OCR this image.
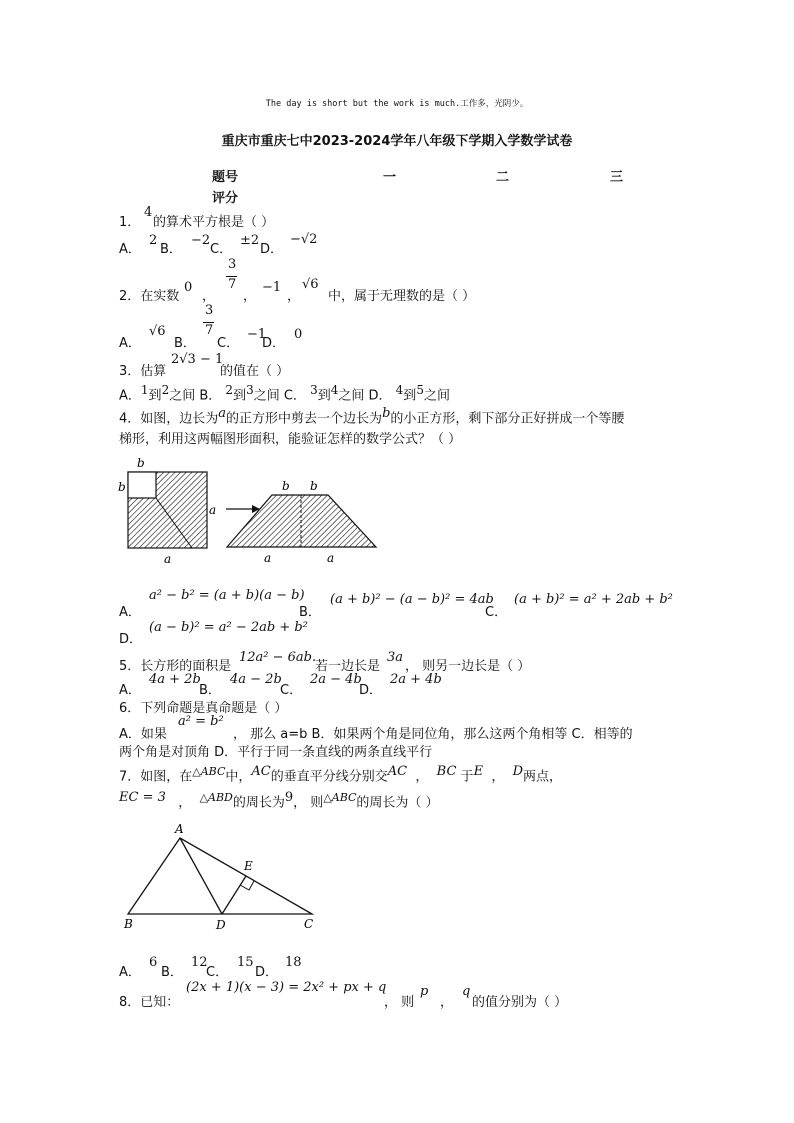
The day is short but the work is much.工作多，光阴少。
重庆市重庆七中2023-2024学年八年级下学期入学数学试卷
题号	一	二	三
评分
1．
4
的算术平方根是（ ）
A．
2
B．
−2
C．
±2
D．
−√2
2．在实数
0
，
3
7
，
−1
，
√6
中，属于无理数的是（ ）
A．
√6
B．
3
7
C．
−1
D．
0
3．估算
2√3 − 1
的值在（ ）
A．$^1$到$^2$之间 B． $^2$到$^3$之间 C． $^3$到$^4$之间 D． $^4$到$^5$之间
4．如图，边长为$^a$的正方形中剪去一个边长为$^b$的小正方形，剩下部分正好拼成一个等腰
梯形，利用这两幅图形面积，能验证怎样的数学公式？（ ）
b
b
a
a
b b
a	a
A．
a² − b² = (a + b)(a − b)
B．
(a + b)² − (a − b)² = 4ab
C．
(a + b)² = a² + 2ab + b²
D．
(a − b)² = a² − 2ab + b²
5．长方形的面积是
12a² − 6ab.
若一边长是
3a
， 则另一边长是（ ）
A．
4a + 2b
B．
4a − 2b
C．
2a − 4b
D．
2a + 4b
6．下列命题是真命题是（ ）
A．如果
a² = b²
， 那么 a=b B．如果两个角是同位角，那么这两个角相等 C．相等的
两个角是对顶角 D．平行于同一条直线的两条直线平行
7．如图，在$^{\triangle ABC}$中，$^{AC}$的垂直平分线分别交$^{AC}$ ， $^{BC}$ 于$^E$ ， $^D$两点，
$^{EC = 3}$ ， $^{\triangle ABD}$的周长为$^9$， 则$^{\triangle ABC}$的周长为（ ）
A
B	C
D
E
A．
6
B．
12
C．
15
D．
18
8．已知：
(2x + 1)(x − 3) = 2x² + px + q
， 则
p
，
q
的值分别为（ ）
